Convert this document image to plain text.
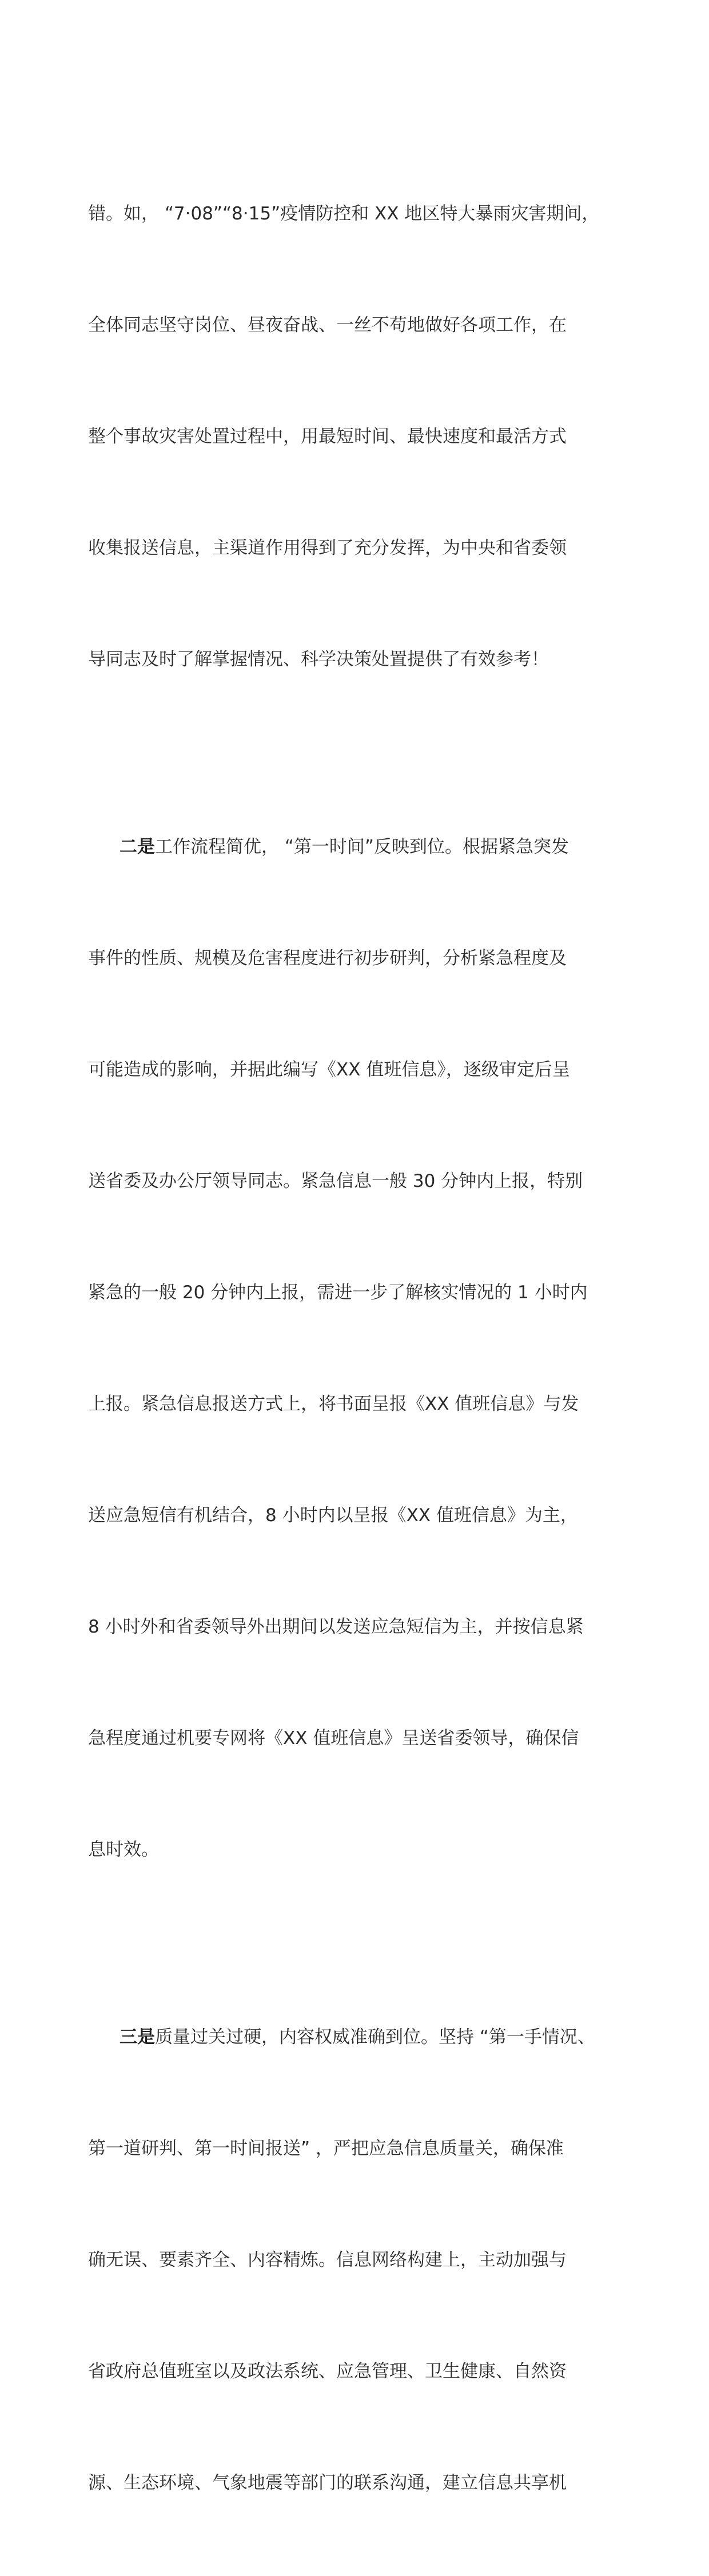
错。如， “7·08”“8·15”疫情防控和 XX 地区特大暴雨灾害期间，

全体同志坚守岗位、昼夜奋战、一丝不苟地做好各项工作，在

整个事故灾害处置过程中，用最短时间、最快速度和最活方式

收集报送信息，主渠道作用得到了充分发挥，为中央和省委领

导同志及时了解掌握情况、科学决策处置提供了有效参考！

二是工作流程简优， “第一时间”反映到位。根据紧急突发

事件的性质、规模及危害程度进行初步研判，分析紧急程度及

可能造成的影响，并据此编写《XX 值班信息》，逐级审定后呈

送省委及办公厅领导同志。紧急信息一般 30 分钟内上报，特别

紧急的一般 20 分钟内上报，需进一步了解核实情况的 1 小时内

上报。紧急信息报送方式上，将书面呈报《XX 值班信息》与发

送应急短信有机结合，8 小时内以呈报《XX 值班信息》为主，

8 小时外和省委领导外出期间以发送应急短信为主，并按信息紧

急程度通过机要专网将《XX 值班信息》呈送省委领导，确保信

息时效。

三是质量过关过硬，内容权威准确到位。坚持 “第一手情况、

第一道研判、第一时间报送” ，严把应急信息质量关，确保准

确无误、要素齐全、内容精炼。信息网络构建上，主动加强与

省政府总值班室以及政法系统、应急管理、卫生健康、自然资

源、生态环境、气象地震等部门的联系沟通，建立信息共享机
